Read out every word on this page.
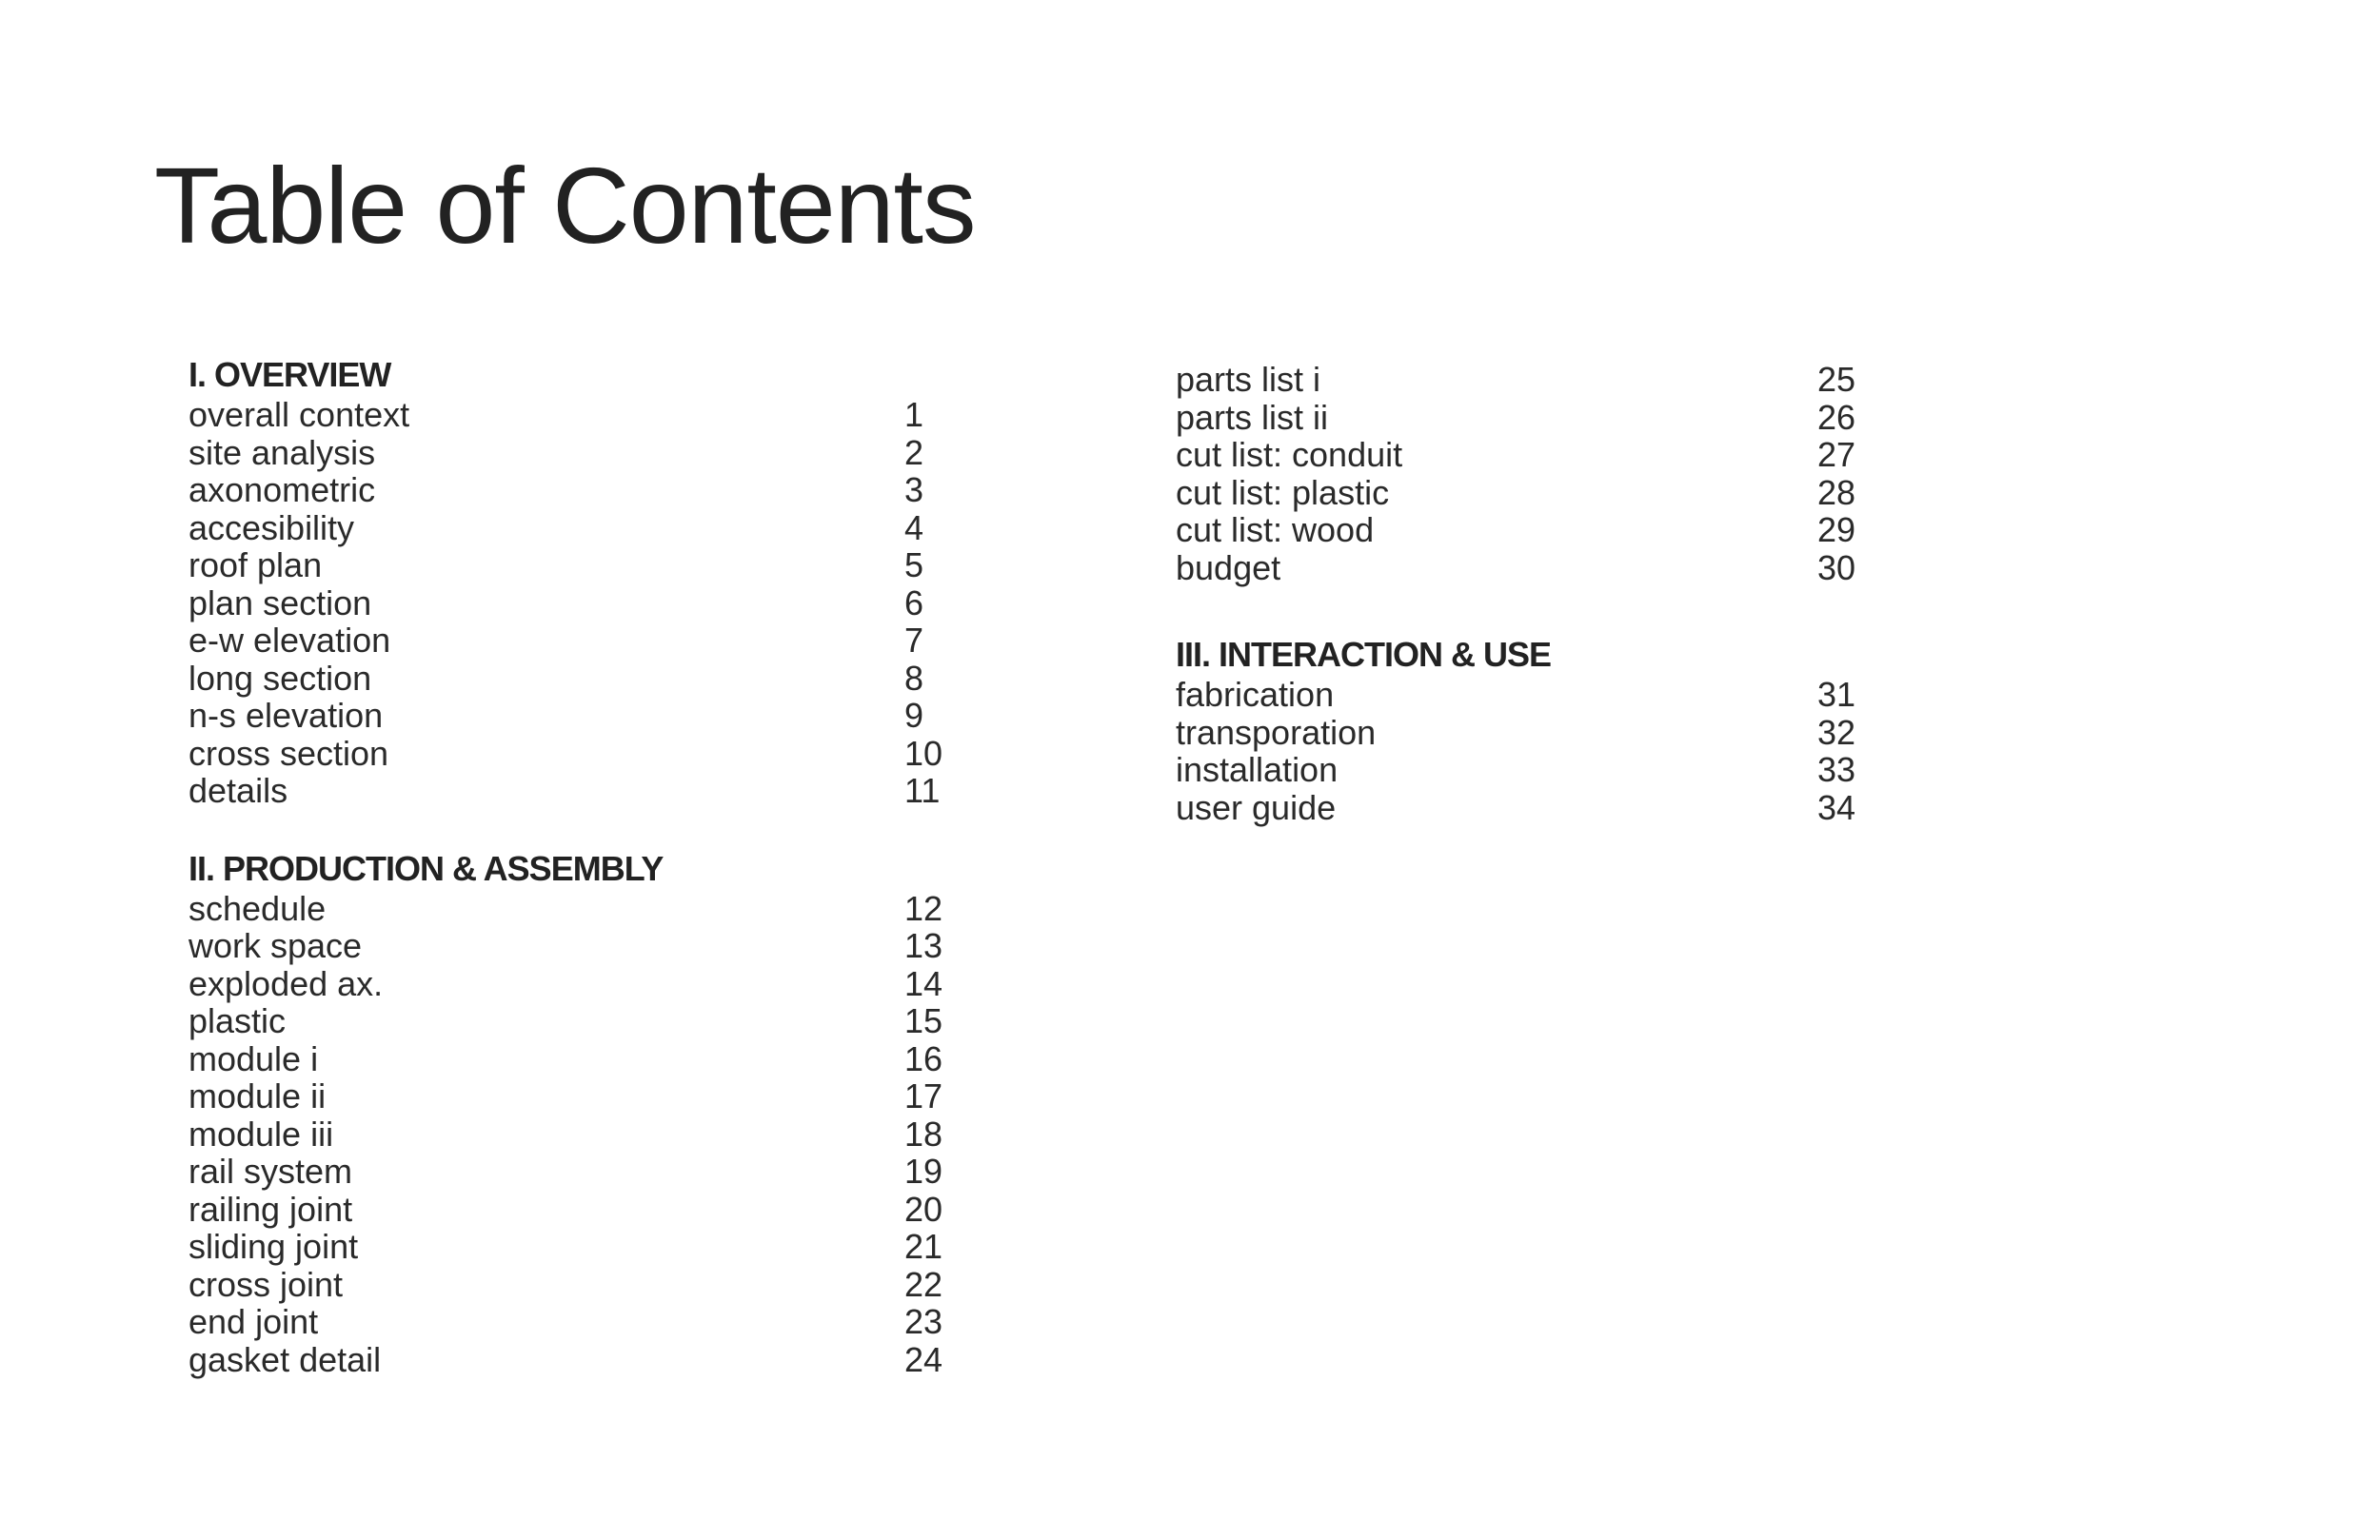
Table of Contents
I. OVERVIEW
overall context	1
site analysis	2
axonometric	3
accesibility	4
roof plan	5
plan section	6
e-w elevation	7
long section	8
n-s elevation	9
cross section	10
details	11
II. PRODUCTION & ASSEMBLY
schedule	12
work space	13
exploded ax.	14
plastic	15
module i	16
module ii	17
module iii	18
rail system	19
railing joint	20
sliding joint	21
cross joint	22
end joint	23
gasket detail	24
parts list i	25
parts list ii	26
cut list: conduit	27
cut list: plastic	28
cut list: wood	29
budget	30
III. INTERACTION & USE
fabrication	31
transporation	32
installation	33
user guide	34
